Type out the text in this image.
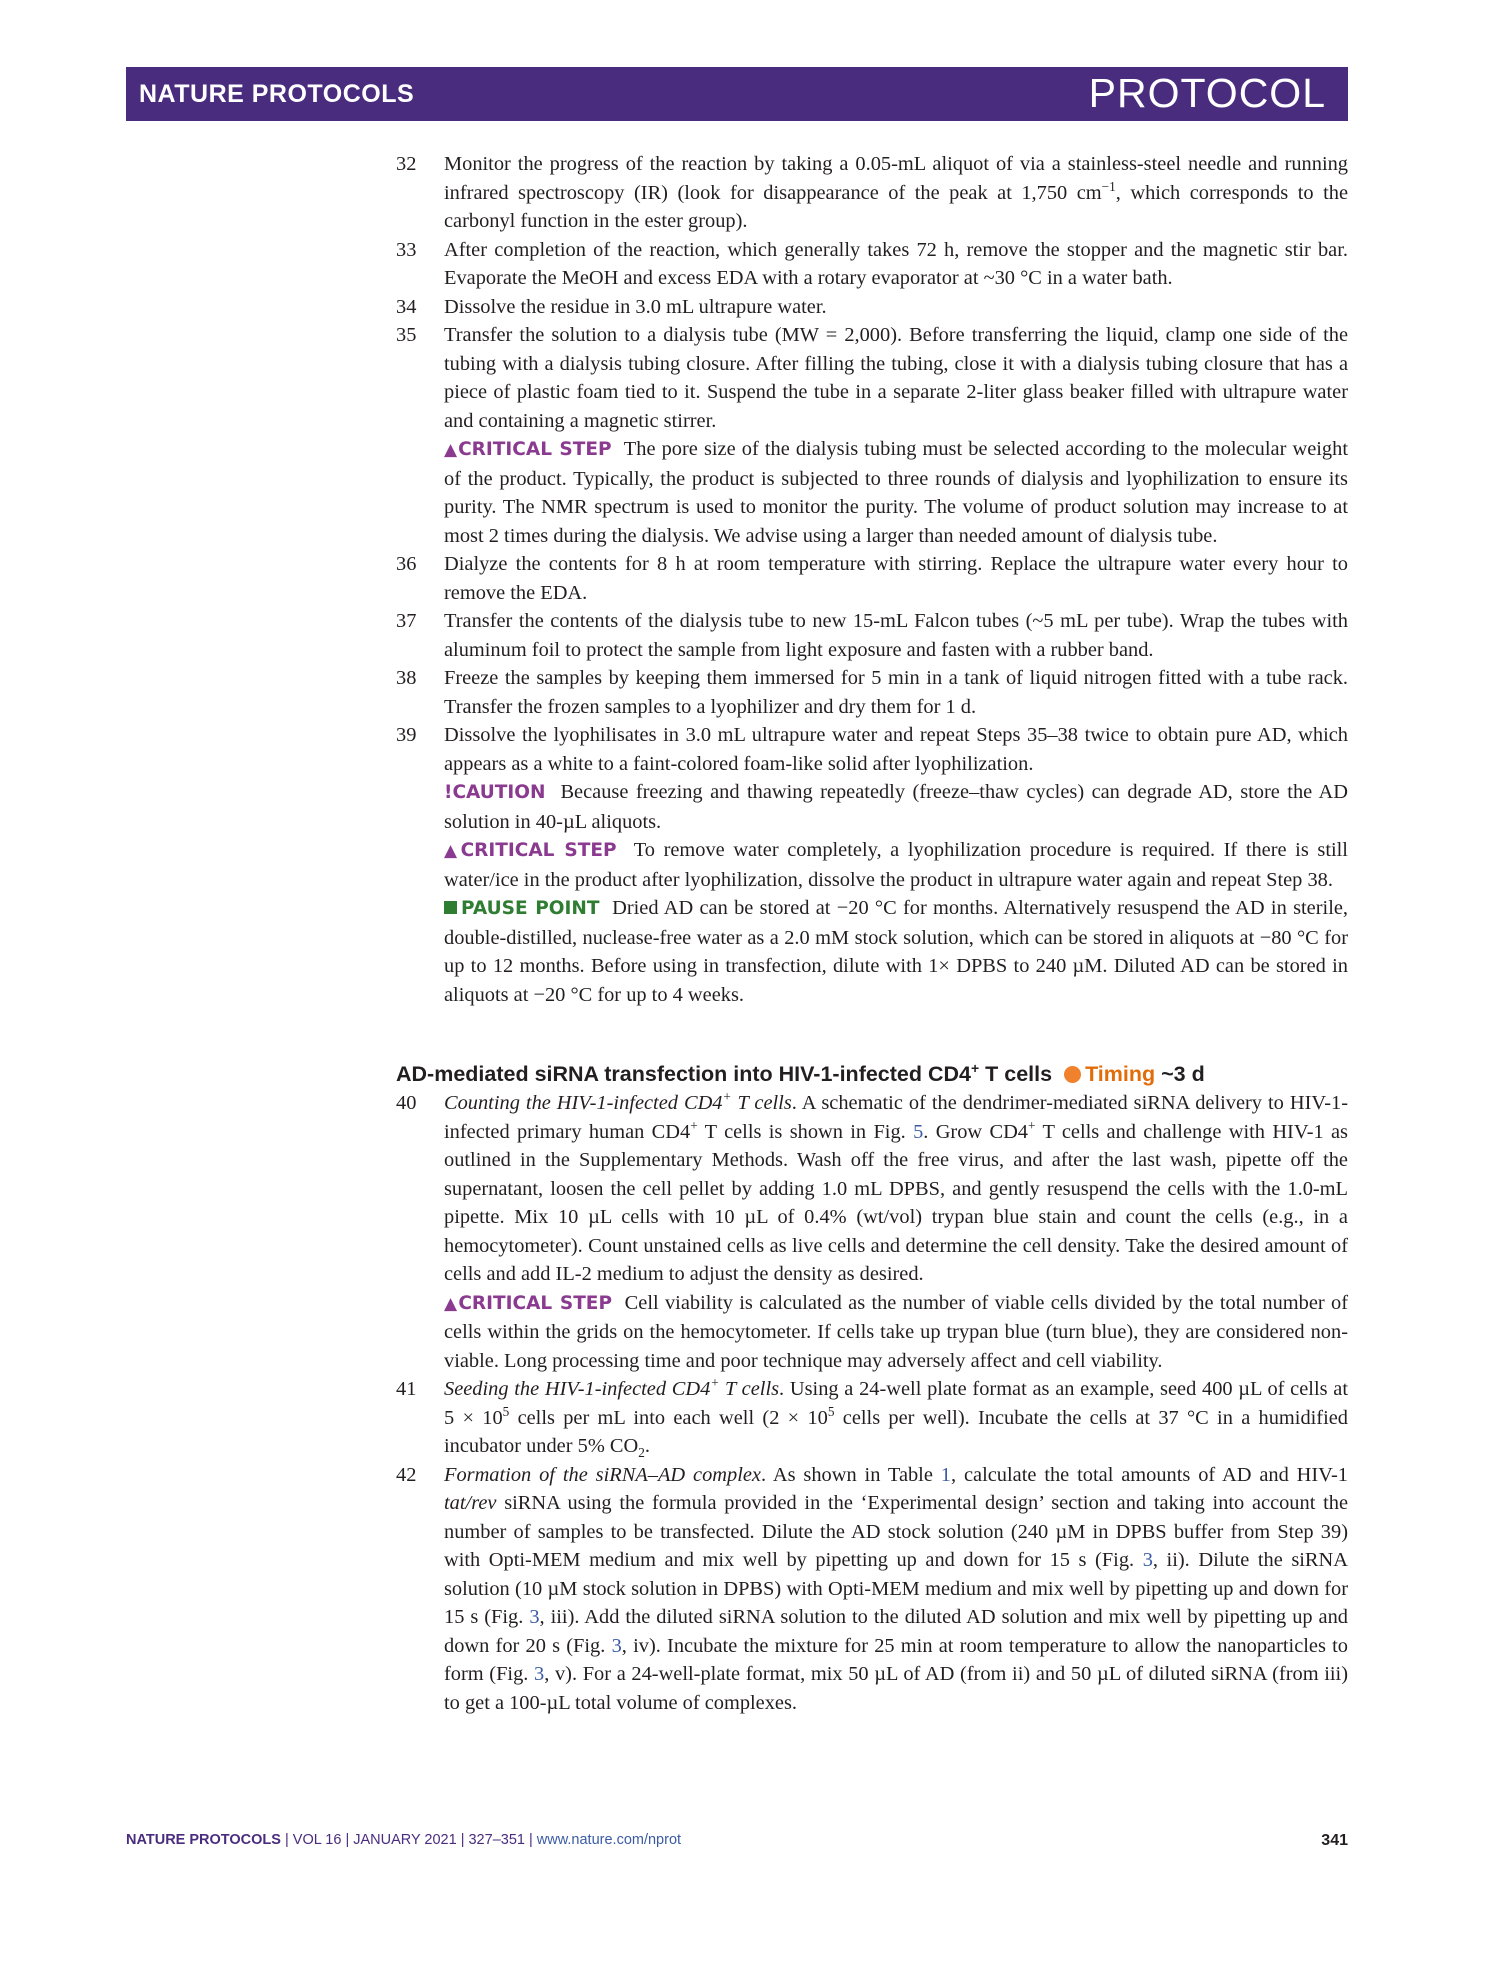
NATURE PROTOCOLS	PROTOCOL
32 Monitor the progress of the reaction by taking a 0.05-mL aliquot of via a stainless-steel needle and running infrared spectroscopy (IR) (look for disappearance of the peak at 1,750 $cm^{-1}$, which corresponds to the carbonyl function in the ester group).

33 After completion of the reaction, which generally takes 72 h, remove the stopper and the magnetic stir bar. Evaporate the MeOH and excess EDA with a rotary evaporator at ~30 °C in a water bath.

34 Dissolve the residue in 3.0 mL ultrapure water.

35 Transfer the solution to a dialysis tube (MW = 2,000). Before transferring the liquid, clamp one side of the tubing with a dialysis tubing closure. After filling the tubing, close it with a dialysis tubing closure that has a piece of plastic foam tied to it. Suspend the tube in a separate 2-liter glass beaker filled with ultrapure water and containing a magnetic stirrer.

▲CRITICAL STEP The pore size of the dialysis tubing must be selected according to the molecular weight of the product. Typically, the product is subjected to three rounds of dialysis and lyophilization to ensure its purity. The NMR spectrum is used to monitor the purity. The volume of product solution may increase to at most 2 times during the dialysis. We advise using a larger than needed amount of dialysis tube.

36 Dialyze the contents for 8 h at room temperature with stirring. Replace the ultrapure water every hour to remove the EDA.

37 Transfer the contents of the dialysis tube to new 15-mL Falcon tubes (~5 mL per tube). Wrap the tubes with aluminum foil to protect the sample from light exposure and fasten with a rubber band.

38 Freeze the samples by keeping them immersed for 5 min in a tank of liquid nitrogen fitted with a tube rack. Transfer the frozen samples to a lyophilizer and dry them for 1 d.

39 Dissolve the lyophilisates in 3.0 mL ultrapure water and repeat Steps 35–38 twice to obtain pure AD, which appears as a white to a faint-colored foam-like solid after lyophilization.

!CAUTION Because freezing and thawing repeatedly (freeze–thaw cycles) can degrade AD, store the AD solution in 40-µL aliquots.

▲CRITICAL STEP To remove water completely, a lyophilization procedure is required. If there is still water/ice in the product after lyophilization, dissolve the product in ultrapure water again and repeat Step 38.

PAUSE POINT Dried AD can be stored at −20 °C for months. Alternatively resuspend the AD in sterile, double-distilled, nuclease-free water as a 2.0 mM stock solution, which can be stored in aliquots at −80 °C for up to 12 months. Before using in transfection, dilute with 1× DPBS to 240 µM. Diluted AD can be stored in aliquots at −20 °C for up to 4 weeks.

AD-mediated siRNA transfection into HIV-1-infected CD4+ T cells Timing ~3 d
40 Counting the HIV-1-infected CD4+ T cells. A schematic of the dendrimer-mediated siRNA delivery to HIV-1-infected primary human CD4+ T cells is shown in Fig. 5. Grow CD4+ T cells and challenge with HIV-1 as outlined in the Supplementary Methods. Wash off the free virus, and after the last wash, pipette off the supernatant, loosen the cell pellet by adding 1.0 mL DPBS, and gently resuspend the cells with the 1.0-mL pipette. Mix 10 µL cells with 10 µL of 0.4% (wt/vol) trypan blue stain and count the cells (e.g., in a hemocytometer). Count unstained cells as live cells and determine the cell density. Take the desired amount of cells and add IL-2 medium to adjust the density as desired.

▲CRITICAL STEP Cell viability is calculated as the number of viable cells divided by the total number of cells within the grids on the hemocytometer. If cells take up trypan blue (turn blue), they are considered non-viable. Long processing time and poor technique may adversely affect and cell viability.

41 Seeding the HIV-1-infected CD4+ T cells. Using a 24-well plate format as an example, seed 400 µL of cells at $5 \times 10^5$ cells per mL into each well ($2 \times 10^5$ cells per well). Incubate the cells at 37 °C in a humidified incubator under 5% $CO_2$.

42 Formation of the siRNA–AD complex. As shown in Table 1, calculate the total amounts of AD and HIV-1 tat/rev siRNA using the formula provided in the ‘Experimental design’ section and taking into account the number of samples to be transfected. Dilute the AD stock solution (240 µM in DPBS buffer from Step 39) with Opti-MEM medium and mix well by pipetting up and down for 15 s (Fig. 3, ii). Dilute the siRNA solution (10 µM stock solution in DPBS) with Opti-MEM medium and mix well by pipetting up and down for 15 s (Fig. 3, iii). Add the diluted siRNA solution to the diluted AD solution and mix well by pipetting up and down for 20 s (Fig. 3, iv). Incubate the mixture for 25 min at room temperature to allow the nanoparticles to form (Fig. 3, v). For a 24-well-plate format, mix 50 µL of AD (from ii) and 50 µL of diluted siRNA (from iii) to get a 100-µL total volume of complexes.

NATURE PROTOCOLS | VOL 16 | JANUARY 2021 | 327–351 | www.nature.com/nprot	341
